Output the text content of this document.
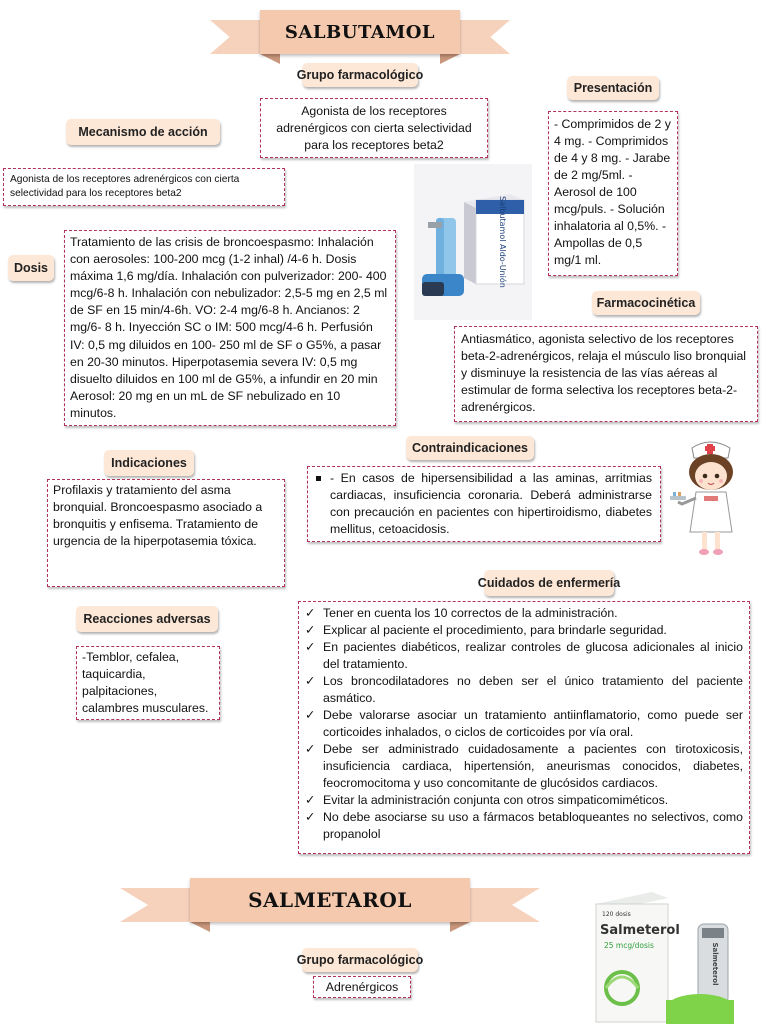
SALBUTAMOL
Grupo farmacológico

Agonista de los receptores adrenérgicos con cierta selectividad para los receptores beta2

Presentación

- Comprimidos de 2 y 4 mg. - Comprimidos de 4 y 8 mg. - Jarabe de 2 mg/5ml. - Aerosol de 100 mcg/puls. - Solución inhalatoria al 0,5%. - Ampollas de 0,5 mg/1 ml.

Mecanismo de acción

Agonista de los receptores adrenérgicos con cierta selectividad para los receptores beta2

Salbutamol Aldo-Unión
Dosis

Tratamiento de las crisis de broncoespasmo: Inhalación con aerosoles: 100-200 mcg (1-2 inhal) /4-6 h. Dosis máxima 1,6 mg/día. Inhalación con pulverizador: 200- 400 mcg/6-8 h. Inhalación con nebulizador: 2,5-5 mg en 2,5 ml de SF en 15 min/4-6h. VO: 2-4 mg/6-8 h. Ancianos: 2 mg/6- 8 h. Inyección SC o IM: 500 mcg/4-6 h. Perfusión IV: 0,5 mg diluidos en 100- 250 ml de SF o G5%, a pasar en 20-30 minutos. Hiperpotasemia severa IV: 0,5 mg disuelto diluidos en 100 ml de G5%, a infundir en 20 min Aerosol: 20 mg en un mL de SF nebulizado en 10 minutos.

Farmacocinética

Antiasmático, agonista selectivo de los receptores beta-2-adrenérgicos, relaja el músculo liso bronquial y disminuye la resistencia de las vías aéreas al estimular de forma selectiva los receptores beta-2-adrenérgicos.

Contraindicaciones
- En casos de hipersensibilidad a las aminas, arritmias cardiacas, insuficiencia coronaria. Deberá administrarse con precaución en pacientes con hipertiroidismo, diabetes mellitus, cetoacidosis.
Indicaciones

Profilaxis y tratamiento del asma bronquial. Broncoespasmo asociado a bronquitis y enfisema. Tratamiento de urgencia de la hiperpotasemia tóxica.

Cuidados de enfermería
✓ Tener en cuenta los 10 correctos de la administración.
✓ Explicar al paciente el procedimiento, para brindarle seguridad.
✓ En pacientes diabéticos, realizar controles de glucosa adicionales al inicio del tratamiento.
✓ Los broncodilatadores no deben ser el único tratamiento del paciente asmático.
✓ Debe valorarse asociar un tratamiento antiinflamatorio, como puede ser corticoides inhalados, o ciclos de corticoides por vía oral.
✓ Debe ser administrado cuidadosamente a pacientes con tirotoxicosis, insuficiencia cardiaca, hipertensión, aneurismas conocidos, diabetes, feocromocitoma y uso concomitante de glucósidos cardiacos.
✓ Evitar la administración conjunta con otros simpaticomiméticos.
✓ No debe asociarse su uso a fármacos betabloqueantes no selectivos, como propanolol
Reacciones adversas

-Temblor, cefalea, taquicardia, palpitaciones, calambres musculares.

SALMETAROL
120 dosis
Salmeterol
25 mcg/dosis	Salmeterol
Grupo farmacológico

Adrenérgicos
